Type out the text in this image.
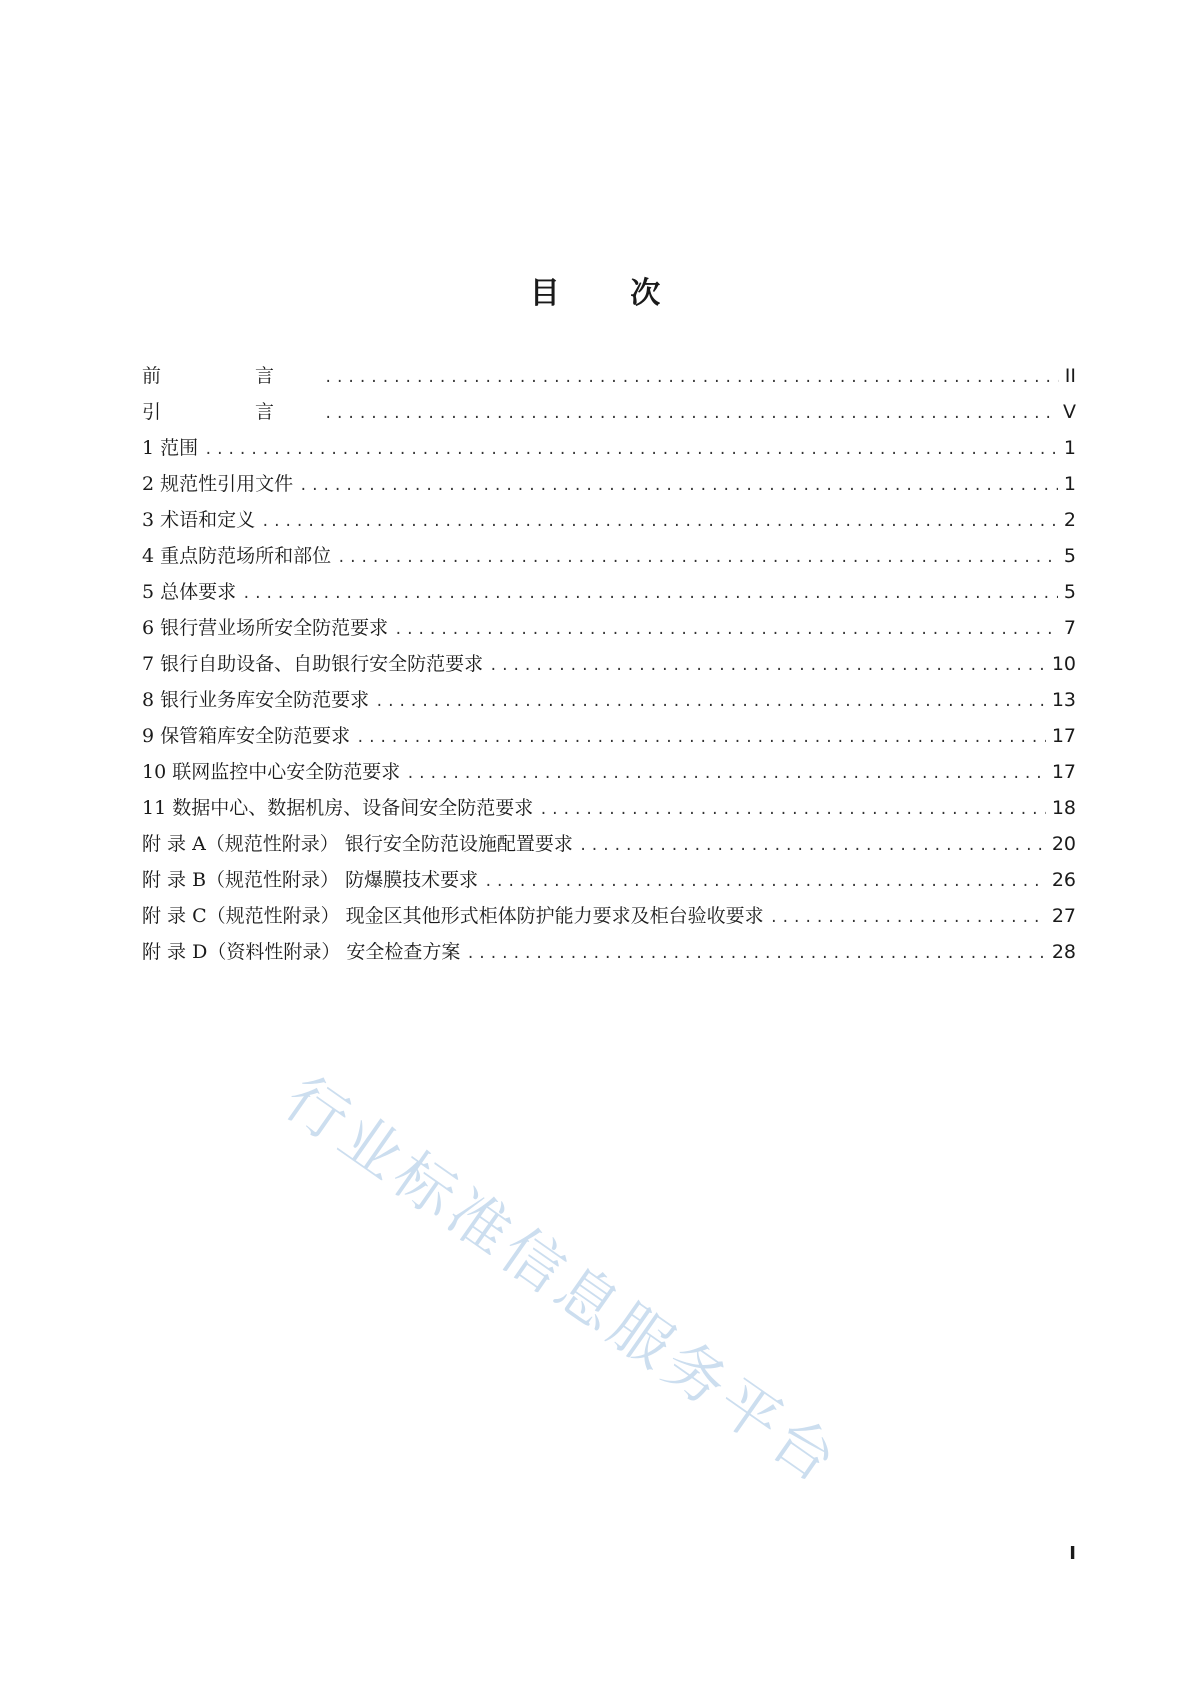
目 次
前 言 .....	II
引 言 .....	V
1 范围 .....	1
2 规范性引用文件 .....	1
3 术语和定义 .....	2
4 重点防范场所和部位 .....	5
5 总体要求 .....	5
6 银行营业场所安全防范要求 .....	7
7 银行自助设备、自助银行安全防范要求 .....	10
8 银行业务库安全防范要求 .....	13
9 保管箱库安全防范要求 .....	17
10 联网监控中心安全防范要求 .....	17
11 数据中心、数据机房、设备间安全防范要求 .....	18
附 录 A（规范性附录） 银行安全防范设施配置要求 .....	20
附 录 B（规范性附录） 防爆膜技术要求 .....	26
附 录 C（规范性附录） 现金区其他形式柜体防护能力要求及柜台验收要求 .....	27
附 录 D（资料性附录） 安全检查方案 .....	28
行业标准信息服务平台
I
